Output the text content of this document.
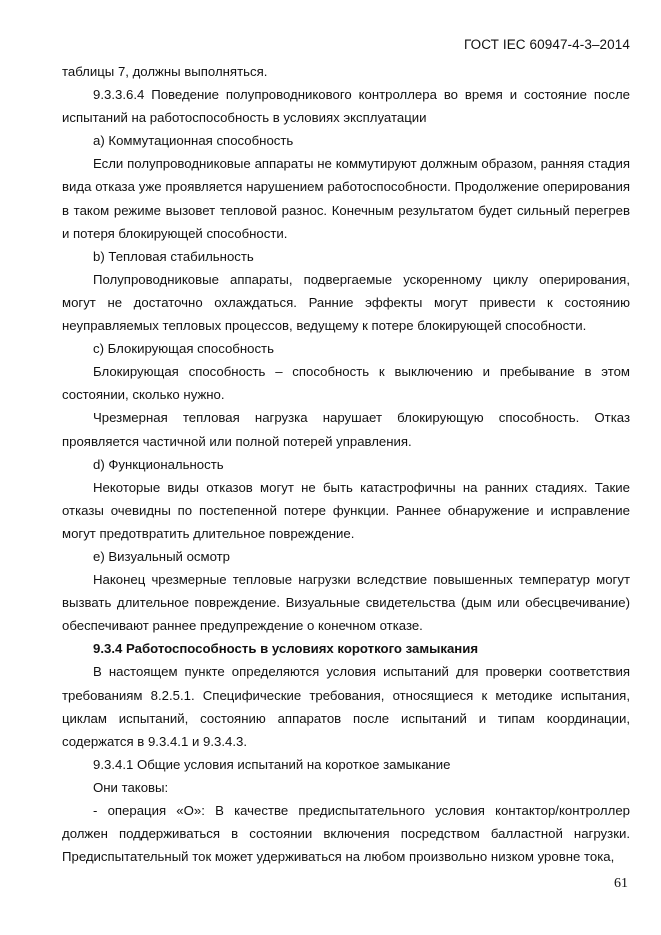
ГОСТ IEC 60947-4-3–2014

таблицы 7, должны выполняться.

9.3.3.6.4 Поведение полупроводникового контроллера во время и состояние после испытаний на работоспособность в условиях эксплуатации

a) Коммутационная способность

Если полупроводниковые аппараты не коммутируют должным образом, ранняя стадия вида отказа уже проявляется нарушением работоспособности. Продолжение оперирования в таком режиме вызовет тепловой разнос. Конечным результатом будет сильный перегрев и потеря блокирующей способности.

b) Тепловая стабильность

Полупроводниковые аппараты, подвергаемые ускоренному циклу оперирования, могут не достаточно охлаждаться. Ранние эффекты могут привести к состоянию неуправляемых тепловых процессов, ведущему к потере блокирующей способности.

c) Блокирующая способность

Блокирующая способность – способность к выключению и пребывание в этом состоянии, сколько нужно.

Чрезмерная тепловая нагрузка нарушает блокирующую способность. Отказ проявляется частичной или полной потерей управления.

d) Функциональность

Некоторые виды отказов могут не быть катастрофичны на ранних стадиях. Такие отказы очевидны по постепенной потере функции. Раннее обнаружение и исправление могут предотвратить длительное повреждение.

e) Визуальный осмотр

Наконец чрезмерные тепловые нагрузки вследствие повышенных температур могут вызвать длительное повреждение. Визуальные свидетельства (дым или обесцвечивание) обеспечивают раннее предупреждение о конечном отказе.

9.3.4 Работоспособность в условиях короткого замыкания

В настоящем пункте определяются условия испытаний для проверки соответствия требованиям 8.2.5.1. Специфические требования, относящиеся к методике испытания, циклам испытаний, состоянию аппаратов после испытаний и типам координации, содержатся в 9.3.4.1 и 9.3.4.3.

9.3.4.1 Общие условия испытаний на короткое замыкание

Они таковы:

- операция «О»: В качестве предиспытательного условия контактор/контроллер должен поддерживаться в состоянии включения посредством балластной нагрузки. Предиспытательный ток может удерживаться на любом произвольно низком уровне тока,

61
